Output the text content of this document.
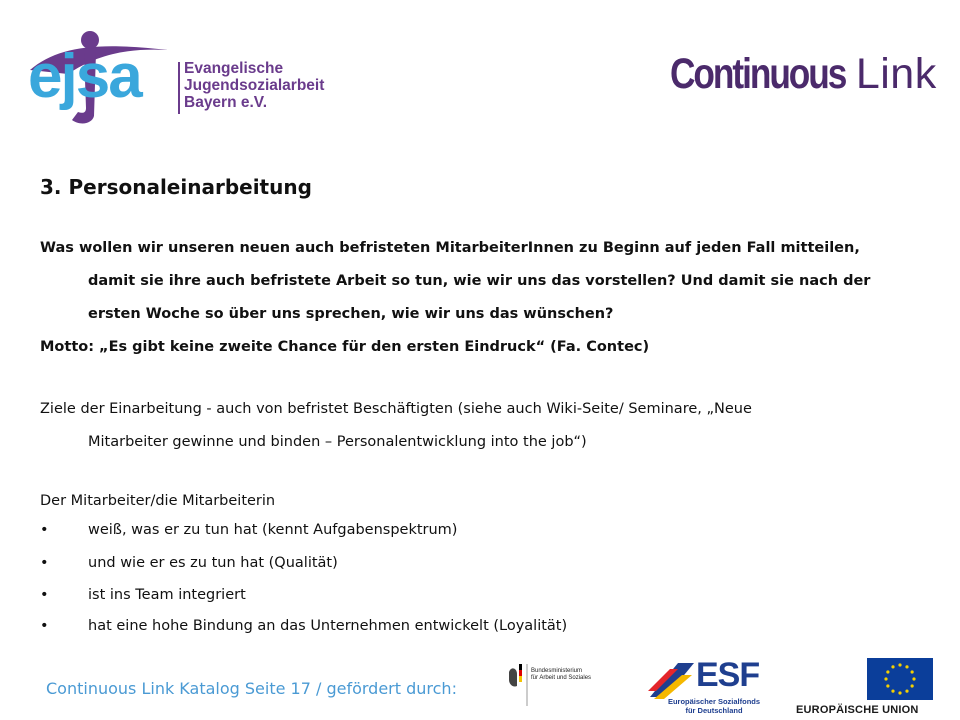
ejsa	Evangelische
Jugendsozialarbeit
Bayern e.V.
Continuous Link
3. Personaleinarbeitung
Was wollen wir unseren neuen auch befristeten MitarbeiterInnen zu Beginn auf jeden Fall mitteilen,
damit sie ihre auch befristete Arbeit so tun, wie wir uns das vorstellen? Und damit sie nach der
ersten Woche so über uns sprechen, wie wir uns das wünschen?
Motto: „Es gibt keine zweite Chance für den ersten Eindruck“ (Fa. Contec)
Ziele der Einarbeitung - auch von befristet Beschäftigten (siehe auch Wiki-Seite/ Seminare, „Neue
Mitarbeiter gewinne und binden – Personalentwicklung into the job“)
Der Mitarbeiter/die Mitarbeiterin
•	weiß, was er zu tun hat (kennt Aufgabenspektrum)
•	und wie er es zu tun hat (Qualität)
•	ist ins Team integriert
•	hat eine hohe Bindung an das Unternehmen entwickelt (Loyalität)
Continuous Link Katalog Seite 17 / gefördert durch:
Bundesministerium
für Arbeit und Soziales	ESF
Europäischer Sozialfonds
für Deutschland	EUROPÄISCHE UNION
